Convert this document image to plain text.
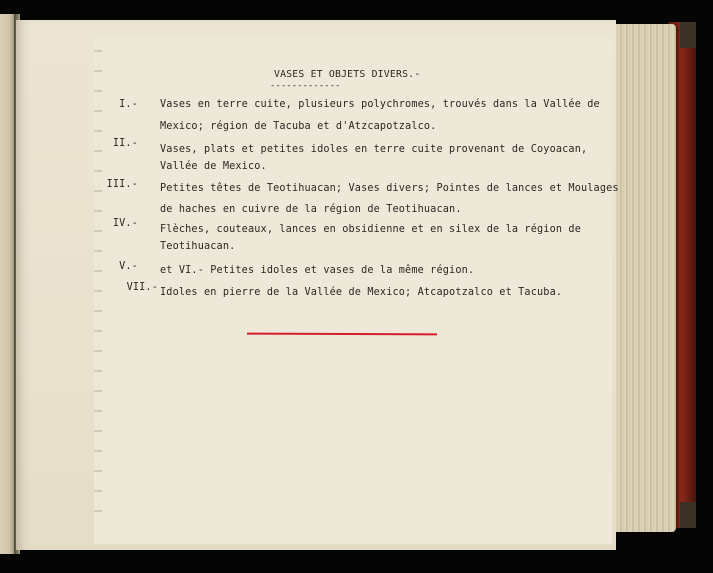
VASES ET OBJETS DIVERS.-
-------------
I.- Vases en terre cuite, plusieurs polychromes, trouvés dans la Vallée de
Mexico; région de Tacuba et d'Atzcapotzalco.
II.-
Vases, plats et petites idoles en terre cuite provenant de Coyoacan,
Vallée de Mexico.
III.- Petites têtes de Teotihuacan; Vases divers; Pointes de lances et Moulages
de haches en cuivre de la région de Teotihuacan.
IV.-
Flèches, couteaux, lances en obsidienne et en silex de la région de
Teotihuacan.
V.- et VI.- Petites idoles et vases de la même région.
VII.- Idoles en pierre de la Vallée de Mexico; Atcapotzalco et Tacuba.
